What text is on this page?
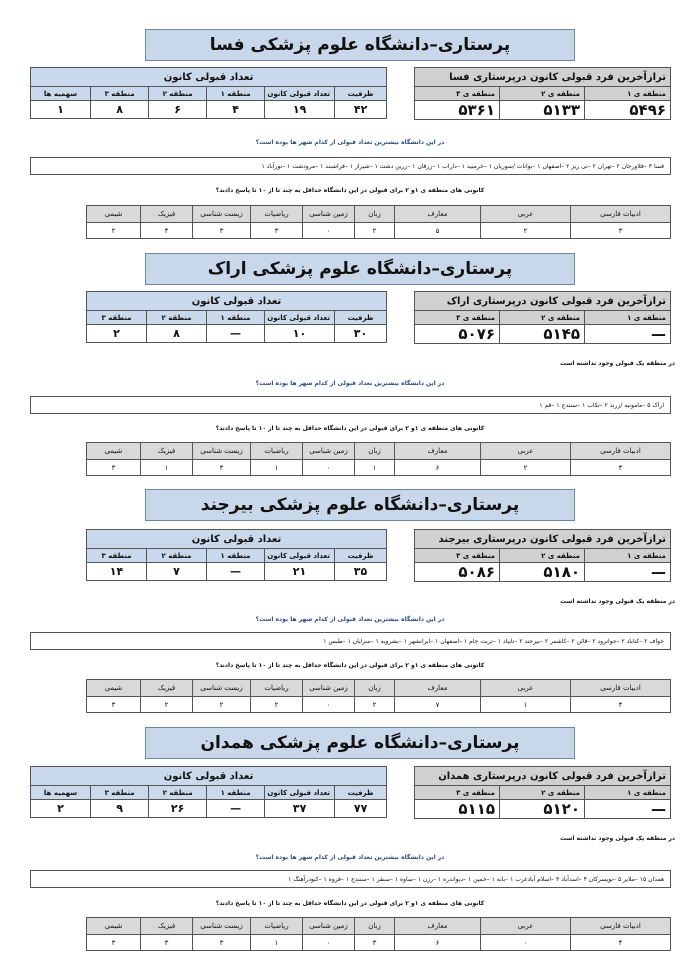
پرستاری–دانشگاه علوم پزشکی فسا
ترازآخرین فرد قبولی کانون درپرستاری فسا		
منطقه ی ۱	منطقه ی ۲	منطقه ی ۳
۵۴۹۶	۵۱۳۳	۵۳۶۱
تعداد قبولی کانون					
ظرفیت	تعداد قبولی کانون	منطقه ۱	منطقه ۲	منطقه ۳	سهمیه ها
۴۲	۱۹	۴	۶	۸	۱
در این دانشگاه بیشترین تعداد قبولی از کدام شهر ها بوده است؟
فسا ۳ –فلاورجان ۲ –تهران ۲ –نی ریز ۲ –اصفهان ۱ –بوانات /سوریان ۱ –خرمبید ۱ –داراب ۱ –زرقان ۱ –زرین دشت ۱ –شیراز ۱ –فراشبند ۱ –مرودشت ۱ –نورآباد ۱
کانونی های منطقه ی ۱و ۲ برای قبولی در این دانشگاه حداقل به چند تا از ۱۰ تا پاسخ دادند؟
ادبیات فارسی	عربی	معارف	زبان	زمین شناسی	ریاضیات	زیست شناسی	فیزیک	شیمی
۳	۲	۵	۲	۰	۳	۳	۴	۲
پرستاری–دانشگاه علوم پزشکی اراک
ترازآخرین فرد قبولی کانون درپرستاری اراک		
منطقه ی ۱	منطقه ی ۲	منطقه ی ۳
—	۵۱۴۵	۵۰۷۶
تعداد قبولی کانون				
ظرفیت	تعداد قبولی کانون	منطقه ۱	منطقه ۲	منطقه ۳
۳۰	۱۰	—	۸	۲
در منطقه یک قبولی وجود نداشته است
در این دانشگاه بیشترین تعداد قبولی از کدام شهر ها بوده است؟
اراک ۵ –مامونیه /زرند ۲ –تکاب ۱ –سنندج ۱ –قم ۱
کانونی های منطقه ی ۱و ۲ برای قبولی در این دانشگاه حداقل به چند تا از ۱۰ تا پاسخ دادند؟
ادبیات فارسی	عربی	معارف	زبان	زمین شناسی	ریاضیات	زیست شناسی	فیزیک	شیمی
۴	۲	۶	۱	۰	۱	۳	۱	۳
پرستاری–دانشگاه علوم پزشکی بیرجند
ترازآخرین فرد قبولی کانون درپرستاری بیرجند		
منطقه ی ۱	منطقه ی ۲	منطقه ی ۳
—	۵۱۸۰	۵۰۸۶
تعداد قبولی کانون				
ظرفیت	تعداد قبولی کانون	منطقه ۱	منطقه ۲	منطقه ۳
۳۵	۲۱	—	۷	۱۴
در منطقه یک قبولی وجود نداشته است
در این دانشگاه بیشترین تعداد قبولی از کدام شهر ها بوده است؟
خواف ۲ –کناباد ۲ –جوانرود ۲ –قائن ۲ –کاشمر ۲ –بیرجند ۲ –تایباد ۱ –تربت جام ۱ –اصفهان ۱ –ایرانشهر ۱ –بشرویه ۱ –سرایان ۱ –طبس ۱
کانونی های منطقه ی ۱و ۲ برای قبولی در این دانشگاه حداقل به چند تا از ۱۰ تا پاسخ دادند؟
ادبیات فارسی	عربی	معارف	زبان	زمین شناسی	ریاضیات	زیست شناسی	فیزیک	شیمی
۴	۱	۷	۲	۰	۲	۲	۲	۳
پرستاری–دانشگاه علوم پزشکی همدان
ترازآخرین فرد قبولی کانون درپرستاری همدان		
منطقه ی ۱	منطقه ی ۲	منطقه ی ۳
—	۵۱۲۰	۵۱۱۵
تعداد قبولی کانون					
ظرفیت	تعداد قبولی کانون	منطقه ۱	منطقه ۲	منطقه ۳	سهمیه ها
۷۷	۳۷	—	۲۶	۹	۲
در منطقه یک قبولی وجود نداشته است
در این دانشگاه بیشترین تعداد قبولی از کدام شهر ها بوده است؟
همدان ۱۵ –ملایر ۵ –تویسرکان ۴ –اسدآباد ۳ –اسلام آبادغرب ۱ –بانه ۱ –خمین ۱ –دیواندره ۱ –رزن ۱ –ساوه ۱ –سنقر ۱ –سنندج ۱ –فروه ۱ –کبودرآهنگ ۱
کانونی های منطقه ی ۱و ۲ برای قبولی در این دانشگاه حداقل به چند تا از ۱۰ تا پاسخ دادند؟
ادبیات فارسی	عربی	معارف	زبان	زمین شناسی	ریاضیات	زیست شناسی	فیزیک	شیمی
۴	۰	۶	۳	۰	۱	۳	۳	۳
